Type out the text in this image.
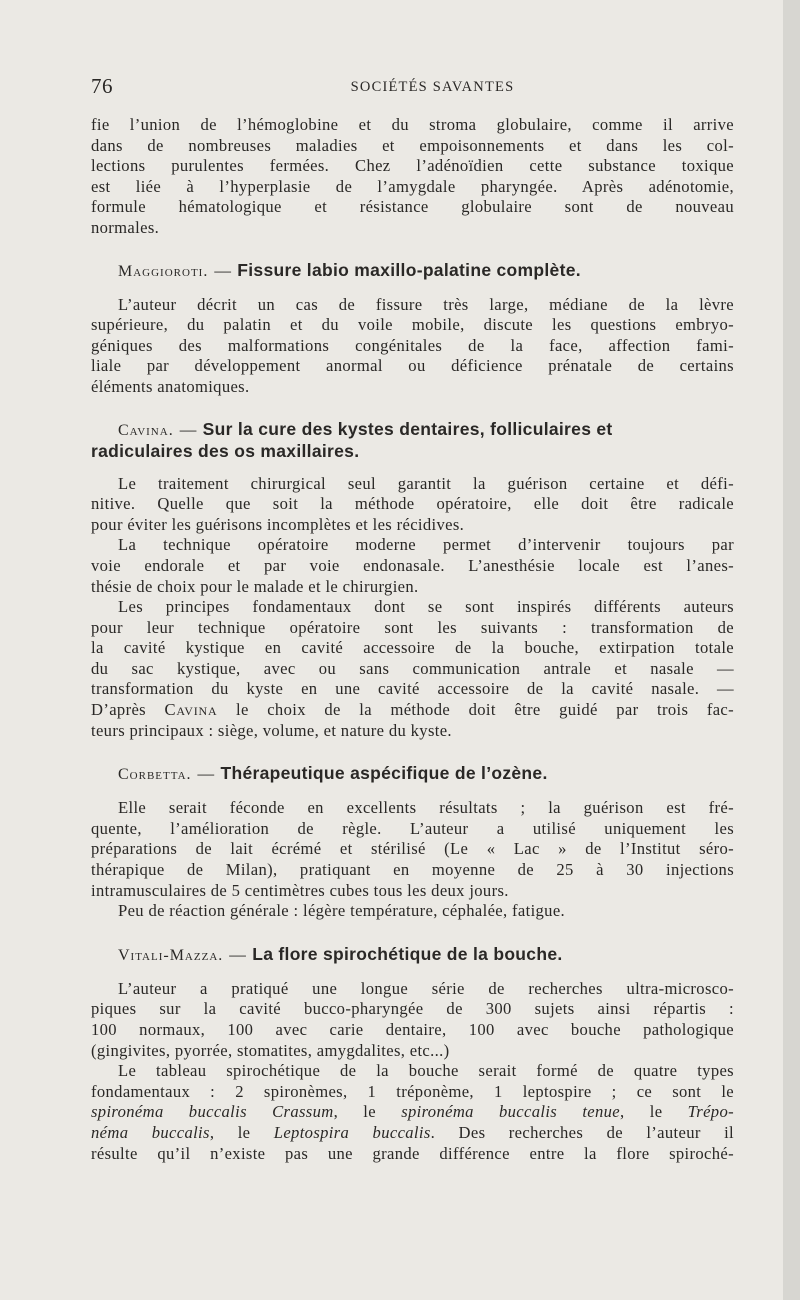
76	SOCIÉTÉS SAVANTES

fie l’union de l’hémoglobine et du stroma globulaire, comme il arrive

dans de nombreuses maladies et empoisonnements et dans les col-

lections purulentes fermées. Chez l’adénoïdien cette substance toxique

est liée à l’hyperplasie de l’amygdale pharyngée. Après adénotomie,

formule hématologique et résistance globulaire sont de nouveau

normales.

Maggioroti. — Fissure labio maxillo-palatine complète.

L’auteur décrit un cas de fissure très large, médiane de la lèvre

supérieure, du palatin et du voile mobile, discute les questions embryo-

géniques des malformations congénitales de la face, affection fami-

liale par développement anormal ou déficience prénatale de certains

éléments anatomiques.

Cavina. — Sur la cure des kystes dentaires, folliculaires et
radiculaires des os maxillaires.

Le traitement chirurgical seul garantit la guérison certaine et défi-

nitive. Quelle que soit la méthode opératoire, elle doit être radicale

pour éviter les guérisons incomplètes et les récidives.

La technique opératoire moderne permet d’intervenir toujours par

voie endorale et par voie endonasale. L’anesthésie locale est l’anes-

thésie de choix pour le malade et le chirurgien.

Les principes fondamentaux dont se sont inspirés différents auteurs

pour leur technique opératoire sont les suivants : transformation de

la cavité kystique en cavité accessoire de la bouche, extirpation totale

du sac kystique, avec ou sans communication antrale et nasale —

transformation du kyste en une cavité accessoire de la cavité nasale. —

D’après Cavina le choix de la méthode doit être guidé par trois fac-

teurs principaux : siège, volume, et nature du kyste.

Corbetta. — Thérapeutique aspécifique de l’ozène.

Elle serait féconde en excellents résultats ; la guérison est fré-

quente, l’amélioration de règle. L’auteur a utilisé uniquement les

préparations de lait écrémé et stérilisé (Le « Lac » de l’Institut séro-

thérapique de Milan), pratiquant en moyenne de 25 à 30 injections

intramusculaires de 5 centimètres cubes tous les deux jours.

Peu de réaction générale : légère température, céphalée, fatigue.

Vitali-Mazza. — La flore spirochétique de la bouche.

L’auteur a pratiqué une longue série de recherches ultra-microsco-

piques sur la cavité bucco-pharyngée de 300 sujets ainsi répartis :

100 normaux, 100 avec carie dentaire, 100 avec bouche pathologique

(gingivites, pyorrée, stomatites, amygdalites, etc...)

Le tableau spirochétique de la bouche serait formé de quatre types

fondamentaux : 2 spironèmes, 1 tréponème, 1 leptospire ; ce sont le

spironéma buccalis Crassum, le spironéma buccalis tenue, le Trépo-

néma buccalis, le Leptospira buccalis. Des recherches de l’auteur il

résulte qu’il n’existe pas une grande différence entre la flore spiroché-
